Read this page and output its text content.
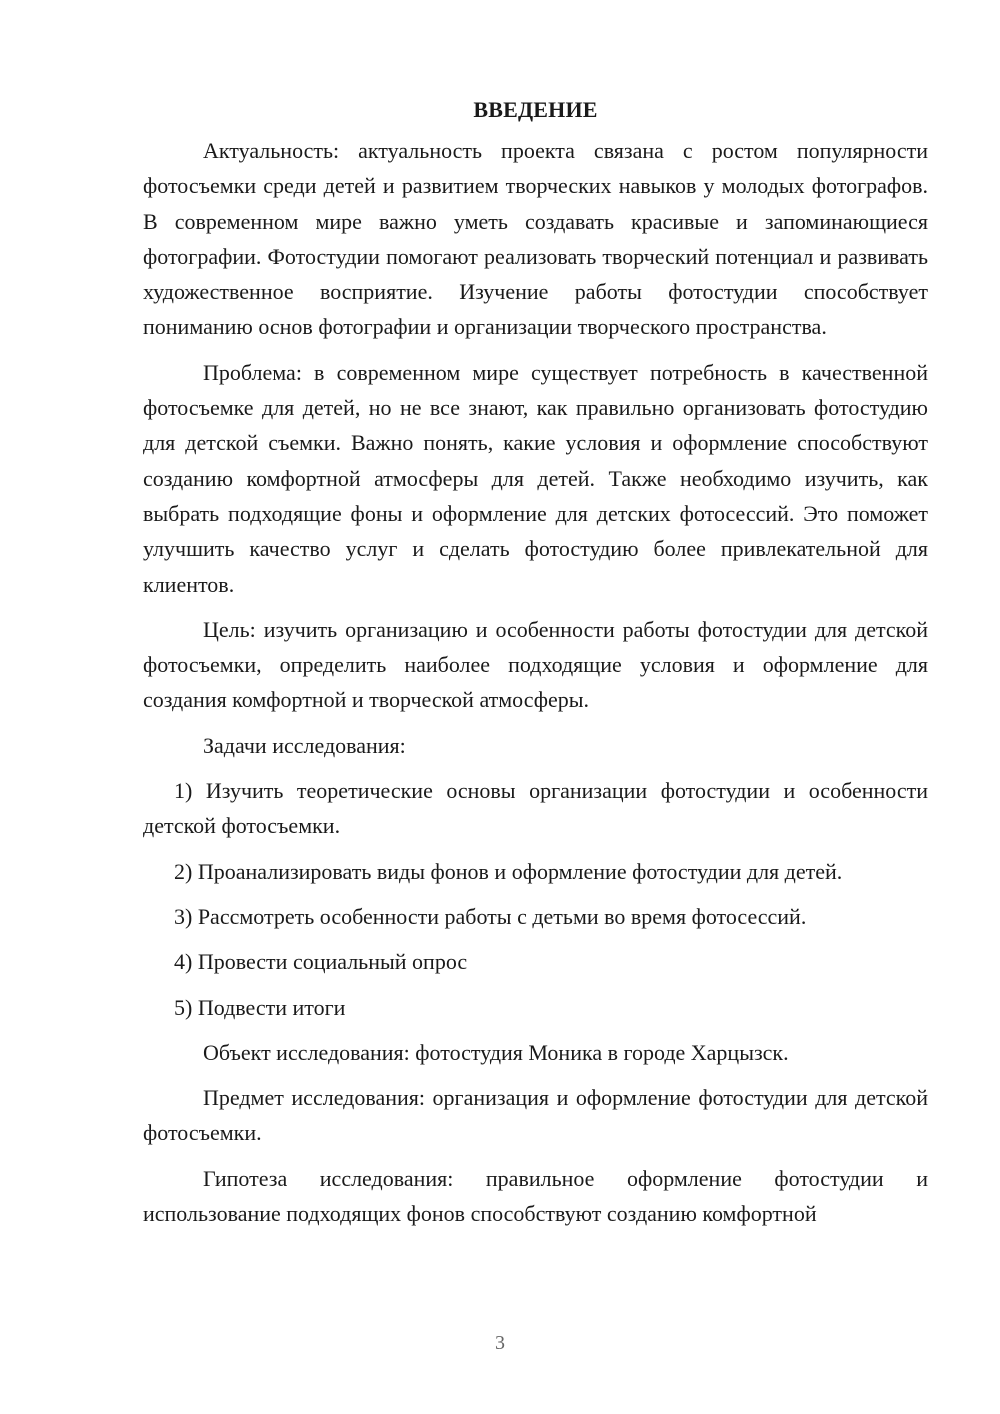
ВВЕДЕНИЕ

Актуальность: актуальность проекта связана с ростом популярности фотосъемки среди детей и развитием творческих навыков у молодых фотографов. В современном мире важно уметь создавать красивые и запоминающиеся фотографии. Фотостудии помогают реализовать творческий потенциал и развивать художественное восприятие. Изучение работы фотостудии способствует пониманию основ фотографии и организации творческого пространства.

Проблема: в современном мире существует потребность в качественной фотосъемке для детей, но не все знают, как правильно организовать фотостудию для детской съемки. Важно понять, какие условия и оформление способствуют созданию комфортной атмосферы для детей. Также необходимо изучить, как выбрать подходящие фоны и оформление для детских фотосессий. Это поможет улучшить качество услуг и сделать фотостудию более привлекательной для клиентов.

Цель: изучить организацию и особенности работы фотостудии для детской фотосъемки, определить наиболее подходящие условия и оформление для создания комфортной и творческой атмосферы.

Задачи исследования:

1) Изучить теоретические основы организации фотостудии и особенности детской фотосъемки.

2) Проанализировать виды фонов и оформление фотостудии для детей.

3) Рассмотреть особенности работы с детьми во время фотосессий.

4) Провести социальный опрос

5) Подвести итоги

Объект исследования: фотостудия Моника в городе Харцызск.

Предмет исследования: организация и оформление фотостудии для детской фотосъемки.

Гипотеза исследования: правильное оформление фотостудии и использование подходящих фонов способствуют созданию комфортной

3
